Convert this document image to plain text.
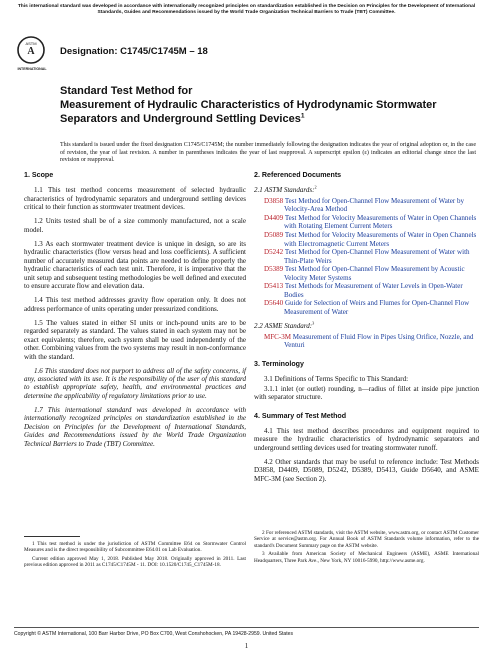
This international standard was developed in accordance with internationally recognized principles on standardization established in the Decision on Principles for the Development of International Standards, Guides and Recommendations issued by the World Trade Organization Technical Barriers to Trade (TBT) Committee.
A
ASTM
INTERNATIONAL
Designation: C1745/C1745M – 18
Standard Test Method for
Measurement of Hydraulic Characteristics of Hydrodynamic Stormwater Separators and Underground Settling Devices$^1$
This standard is issued under the fixed designation C1745/C1745M; the number immediately following the designation indicates the year of original adoption or, in the case of revision, the year of last revision. A number in parentheses indicates the year of last reapproval. A superscript epsilon (ε) indicates an editorial change since the last revision or reapproval.
1. Scope

1.1 This test method concerns measurement of selected hydraulic characteristics of hydrodynamic separators and underground settling devices critical to their function as stormwater treatment devices.

1.2 Units tested shall be of a size commonly manufactured, not a scale model.

1.3 As each stormwater treatment device is unique in design, so are its hydraulic characteristics (flow versus head and loss coefficients). A sufficient number of accurately measured data points are needed to define properly the hydraulic characteristics of each test unit. Therefore, it is imperative that the unit setup and subsequent testing methodologies be well defined and executed to ensure accurate flow and elevation data.

1.4 This test method addresses gravity flow operation only. It does not address performance of units operating under pressurized conditions.

1.5 The values stated in either SI units or inch-pound units are to be regarded separately as standard. The values stated in each system may not be exact equivalents; therefore, each system shall be used independently of the other. Combining values from the two systems may result in non-conformance with the standard.

1.6 This standard does not purport to address all of the safety concerns, if any, associated with its use. It is the responsibility of the user of this standard to establish appropriate safety, health, and environmental practices and determine the applicability of regulatory limitations prior to use.

1.7 This international standard was developed in accordance with internationally recognized principles on standardization established in the Decision on Principles for the Development of International Standards, Guides and Recommendations issued by the World Trade Organization Technical Barriers to Trade (TBT) Committee.

2. Referenced Documents
2.1 ASTM Standards:$^2$
D3858 Test Method for Open-Channel Flow Measurement of Water by Velocity-Area Method
D4409 Test Method for Velocity Measurements of Water in Open Channels with Rotating Element Current Meters
D5089 Test Method for Velocity Measurements of Water in Open Channels with Electromagnetic Current Meters
D5242 Test Method for Open-Channel Flow Measurement of Water with Thin-Plate Weirs
D5389 Test Method for Open-Channel Flow Measurement by Acoustic Velocity Meter Systems
D5413 Test Methods for Measurement of Water Levels in Open-Water Bodies
D5640 Guide for Selection of Weirs and Flumes for Open-Channel Flow Measurement of Water
2.2 ASME Standard:$^3$
MFC-3M Measurement of Fluid Flow in Pipes Using Orifice, Nozzle, and Venturi
3. Terminology

3.1 Definitions of Terms Specific to This Standard:

3.1.1 inlet (or outlet) rounding, n—radius of fillet at inside pipe junction with separator structure.

4. Summary of Test Method

4.1 This test method describes procedures and equipment required to measure the hydraulic characteristics of hydrodynamic separators and underground settling devices used for treating stormwater runoff.

4.2 Other standards that may be useful to reference include: Test Methods D3858, D4409, D5089, D5242, D5389, D5413, Guide D5640, and ASME MFC-3M (see Section 2).

1 This test method is under the jurisdiction of ASTM Committee E64 on Stormwater Control Measures and is the direct responsibility of Subcommittee E64.01 on Lab Evaluation.

Current edition approved May 1, 2018. Published May 2018. Originally approved in 2011. Last previous edition approved in 2011 as C1745/C1745M - 11. DOI: 10.1520/C1745_C1745M-18.

2 For referenced ASTM standards, visit the ASTM website, www.astm.org, or contact ASTM Customer Service at service@astm.org. For Annual Book of ASTM Standards volume information, refer to the standard's Document Summary page on the ASTM website.

3 Available from American Society of Mechanical Engineers (ASME), ASME International Headquarters, Three Park Ave., New York, NY 10016-5990, http://www.asme.org.

Copyright © ASTM International, 100 Barr Harbor Drive, PO Box C700, West Conshohocken, PA 19428-2959. United States
1
